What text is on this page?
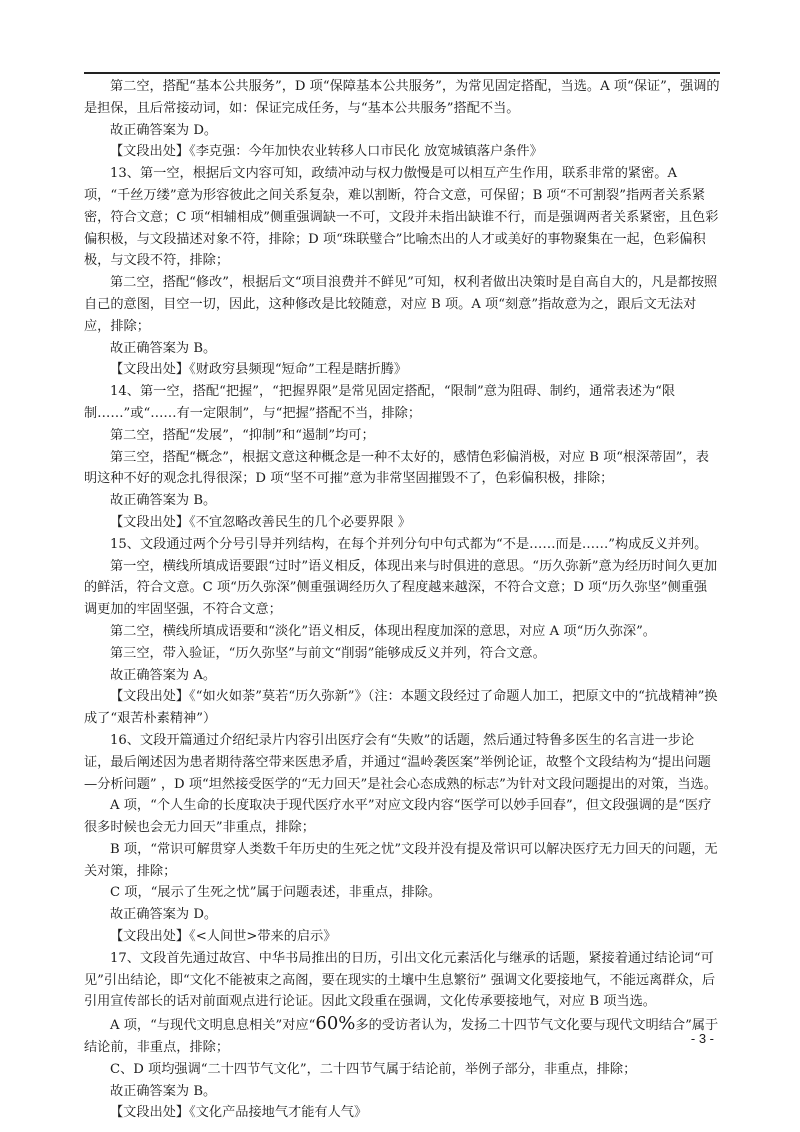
第二空，搭配“基本公共服务”，D 项“保障基本公共服务”，为常见固定搭配，当选。A 项“保证”，强调的是担保，且后常接动词，如：保证完成任务，与“基本公共服务”搭配不当。

故正确答案为 D。

【文段出处】《李克强：今年加快农业转移人口市民化 放宽城镇落户条件》

13、第一空，根据后文内容可知，政绩冲动与权力傲慢是可以相互产生作用，联系非常的紧密。A 项，“千丝万缕”意为形容彼此之间关系复杂，难以割断，符合文意，可保留；B 项“不可割裂”指两者关系紧密，符合文意；C 项“相辅相成”侧重强调缺一不可，文段并未指出缺谁不行，而是强调两者关系紧密，且色彩偏积极，与文段描述对象不符，排除；D 项“珠联璧合”比喻杰出的人才或美好的事物聚集在一起，色彩偏积极，与文段不符，排除；

第二空，搭配“修改”，根据后文“项目浪费并不鲜见”可知，权利者做出决策时是自高自大的，凡是都按照自己的意图，目空一切，因此，这种修改是比较随意，对应 B 项。A 项“刻意”指故意为之，跟后文无法对应，排除；

故正确答案为 B。

【文段出处】《财政穷县频现“短命”工程是瞎折腾》

14、第一空，搭配“把握”，“把握界限”是常见固定搭配，“限制”意为阻碍、制约，通常表述为“限制……”或“……有一定限制”，与“把握”搭配不当，排除；

第二空，搭配“发展”，“抑制”和“遏制”均可；

第三空，搭配“概念”，根据文意这种概念是一种不太好的，感情色彩偏消极，对应 B 项“根深蒂固”，表明这种不好的观念扎得很深；D 项“坚不可摧”意为非常坚固摧毁不了，色彩偏积极，排除；

故正确答案为 B。

【文段出处】《不宜忽略改善民生的几个必要界限 》

15、文段通过两个分号引导并列结构，在每个并列分句中句式都为“不是……而是……”构成反义并列。

第一空，横线所填成语要跟“过时”语义相反，体现出来与时俱进的意思。“历久弥新”意为经历时间久更加的鲜活，符合文意。C 项“历久弥深”侧重强调经历久了程度越来越深，不符合文意；D 项“历久弥坚”侧重强调更加的牢固坚强，不符合文意；

第二空，横线所填成语要和“淡化”语义相反，体现出程度加深的意思，对应 A 项“历久弥深”。

第三空，带入验证，“历久弥坚”与前文“削弱”能够成反义并列，符合文意。

故正确答案为 A。

【文段出处】《“如火如荼”莫若“历久弥新”》（注：本题文段经过了命题人加工，把原文中的“抗战精神”换成了“艰苦朴素精神”）

16、文段开篇通过介绍纪录片内容引出医疗会有“失败”的话题，然后通过特鲁多医生的名言进一步论证，最后阐述因为患者期待落空带来医患矛盾，并通过“温岭袭医案”举例论证，故整个文段结构为“提出问题—分析问题” ，D 项“坦然接受医学的“无力回天”是社会心态成熟的标志”为针对文段问题提出的对策，当选。

A 项，“个人生命的长度取决于现代医疗水平”对应文段内容“医学可以妙手回春”，但文段强调的是“医疗很多时候也会无力回天”非重点，排除；

B 项，“常识可解贯穿人类数千年历史的生死之忧”文段并没有提及常识可以解决医疗无力回天的问题，无关对策，排除；

C 项，“展示了生死之忧”属于问题表述，非重点，排除。

故正确答案为 D。

【文段出处】《<人间世>带来的启示》

17、文段首先通过故宫、中华书局推出的日历，引出文化元素活化与继承的话题，紧接着通过结论词“可见”引出结论，即“文化不能被束之高阁，要在现实的土壤中生息繁衍” 强调文化要接地气，不能远离群众，后引用宣传部长的话对前面观点进行论证。因此文段重在强调，文化传承要接地气，对应 B 项当选。

A 项，“与现代文明息息相关”对应“60%多的受访者认为，发扬二十四节气文化要与现代文明结合”属于结论前，非重点，排除；

C、D 项均强调“二十四节气文化”，二十四节气属于结论前，举例子部分，非重点，排除；

故正确答案为 B。

【文段出处】《文化产品接地气才能有人气》

- 3 -
